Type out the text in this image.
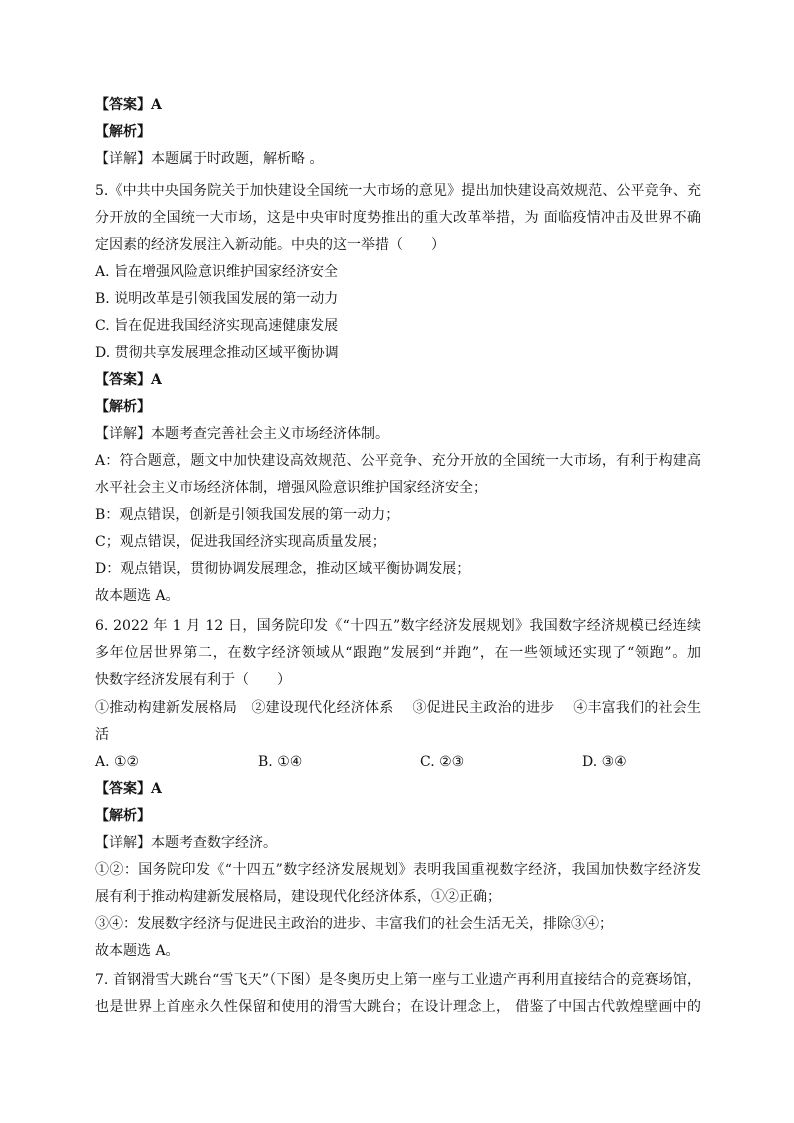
【答案】A
【解析】
【详解】本题属于时政题，解析略 。
5.《中共中央国务院关于加快建设全国统一大市场的意见》提出加快建设高效规范、公平竞争、充
分开放的全国统一大市场，这是中央审时度势推出的重大改革举措，为 面临疫情冲击及世界不确
定因素的经济发展注入新动能。中央的这一举措（　　）
A. 旨在增强风险意识维护国家经济安全
B. 说明改革是引领我国发展的第一动力
C. 旨在促进我国经济实现高速健康发展
D. 贯彻共享发展理念推动区域平衡协调
【答案】A
【解析】
【详解】本题考查完善社会主义市场经济体制。
A：符合题意，题文中加快建设高效规范、公平竞争、充分开放的全国统一大市场，有利于构建高
水平社会主义市场经济体制，增强风险意识维护国家经济安全；
B：观点错误，创新是引领我国发展的第一动力；
C；观点错误，促进我国经济实现高质量发展；
D：观点错误，贯彻协调发展理念，推动区域平衡协调发展；
故本题选 A。
6. 2022 年 1 月 12 日，国务院印发《“十四五”数字经济发展规划》我国数字经济规模已经连续
多年位居世界第二，在数字经济领域从“跟跑”发展到“并跑”，在一些领域还实现了“领跑”。加
快数字经济发展有利于（　　）
①推动构建新发展格局　②建设现代化经济体系　 ③促进民主政治的进步　 ④丰富我们的社会生
活
A. ①②	B. ①④	C. ②③	D. ③④
【答案】A
【解析】
【详解】本题考查数字经济。
①②：国务院印发《“十四五”数字经济发展规划》表明我国重视数字经济，我国加快数字经济发
展有利于推动构建新发展格局，建设现代化经济体系，①②正确；
③④：发展数字经济与促进民主政治的进步、丰富我们的社会生活无关，排除③④；
故本题选 A。
7. 首钢滑雪大跳台“雪飞天”（下图）是冬奥历史上第一座与工业遗产再利用直接结合的竞赛场馆，
也是世界上首座永久性保留和使用的滑雪大跳台；在设计理念上， 借鉴了中国古代敦煌壁画中的
